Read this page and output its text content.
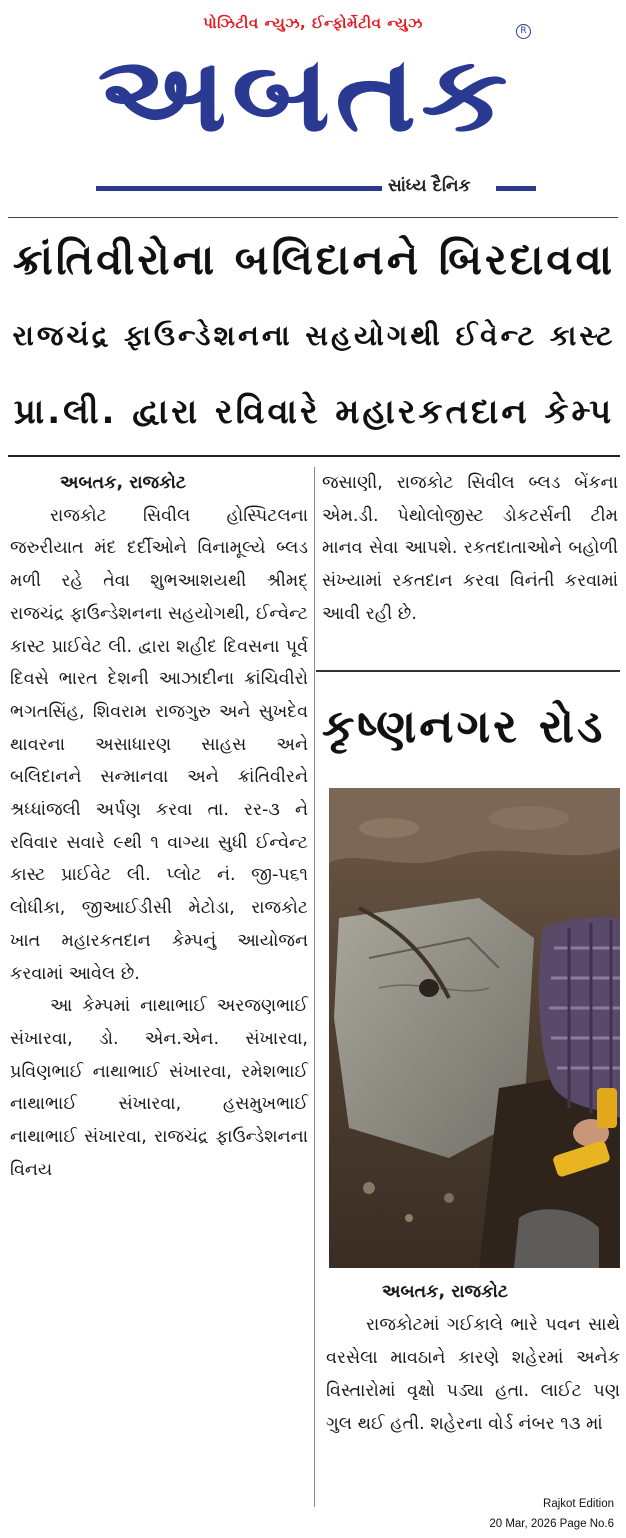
પોઝિટીવ ન્યુઝ, ઈન્ફોર્મેટીવ ન્યુઝ
અબતક
R
સાંધ્ય દૈનિક
ક્રાંતિવીરોના બલિદાનને બિરદાવવા
રાજચંદ્ર ફાઉન્ડેશનના સહયોગથી ઈવેન્ટ કાસ્ટ
પ્રા.લી. દ્વારા રવિવારે મહારકતદાન કેમ્પ
અબતક, રાજકોટ
રાજકોટ સિવીલ હોસ્પિટલના જરુરીયાત મંદ દર્દીઓને વિનામૂલ્યે બ્લડ મળી રહે તેવા શુભઆશયથી શ્રીમદ્ રાજચંદ્ર ફાઉન્ડેશનના સહયોગથી, ઈન્વેન્ટ કાસ્ટ પ્રાઈવેટ લી. દ્વારા શહીદ દિવસના પૂર્વ દિવસે ભારત દેશની આઝાદીના ક્રાંચિવીરો ભગતસિંહ, શિવરામ રાજગુરુ અને સુખદેવ થાવરના અસાધારણ સાહસ અને બલિદાનને સન્માનવા અને ક્રાંતિવીરને શ્રધ્ધાંજલી અર્પણ કરવા તા. રર-૩ ને રવિવાર સવારે ૯થી ૧ વાગ્યા સુધી ઈન્વેન્ટ કાસ્ટ પ્રાઈવેટ લી. પ્લોટ નં. જી-પ૬૧ લોધીકા, જીઆઈડીસી મેટોડા, રાજકોટ ખાત મહારકતદાન કેમ્પનું આયોજન કરવામાં આવેલ છે.
આ કેમ્પમાં નાથાભાઈ અરજણભાઈ સંખારવા, ડો. એન.એન. સંખારવા, પ્રવિણભાઈ નાથાભાઈ સંખારવા, રમેશભાઈ નાથાભાઈ સંખારવા, હસમુખભાઈ નાથાભાઈ સંખારવા, રાજચંદ્ર ફાઉન્ડેશનના વિનય
જસાણી, રાજકોટ સિવીલ બ્લડ બેંકના એમ.ડી. પેથોલોજીસ્ટ ડોકટર્સની ટીમ માનવ સેવા આપશે. રકતદાતાઓને બહોળી સંખ્યામાં રકતદાન કરવા વિનંતી કરવામાં આવી રહી છે.
કૃષ્ણનગર રોડ
અબતક, રાજકોટ
રાજકોટમાં ગઈકાલે ભારે પવન સાથે વરસેલા માવઠાને કારણે શહેરમાં અનેક વિસ્તારોમાં વૃક્ષો પડ્યા હતા. લાઈટ પણ ગુલ થઈ હતી. શહેરના વોર્ડ નંબર ૧૩ માં
Rajkot Edition
20 Mar, 2026 Page No.6
